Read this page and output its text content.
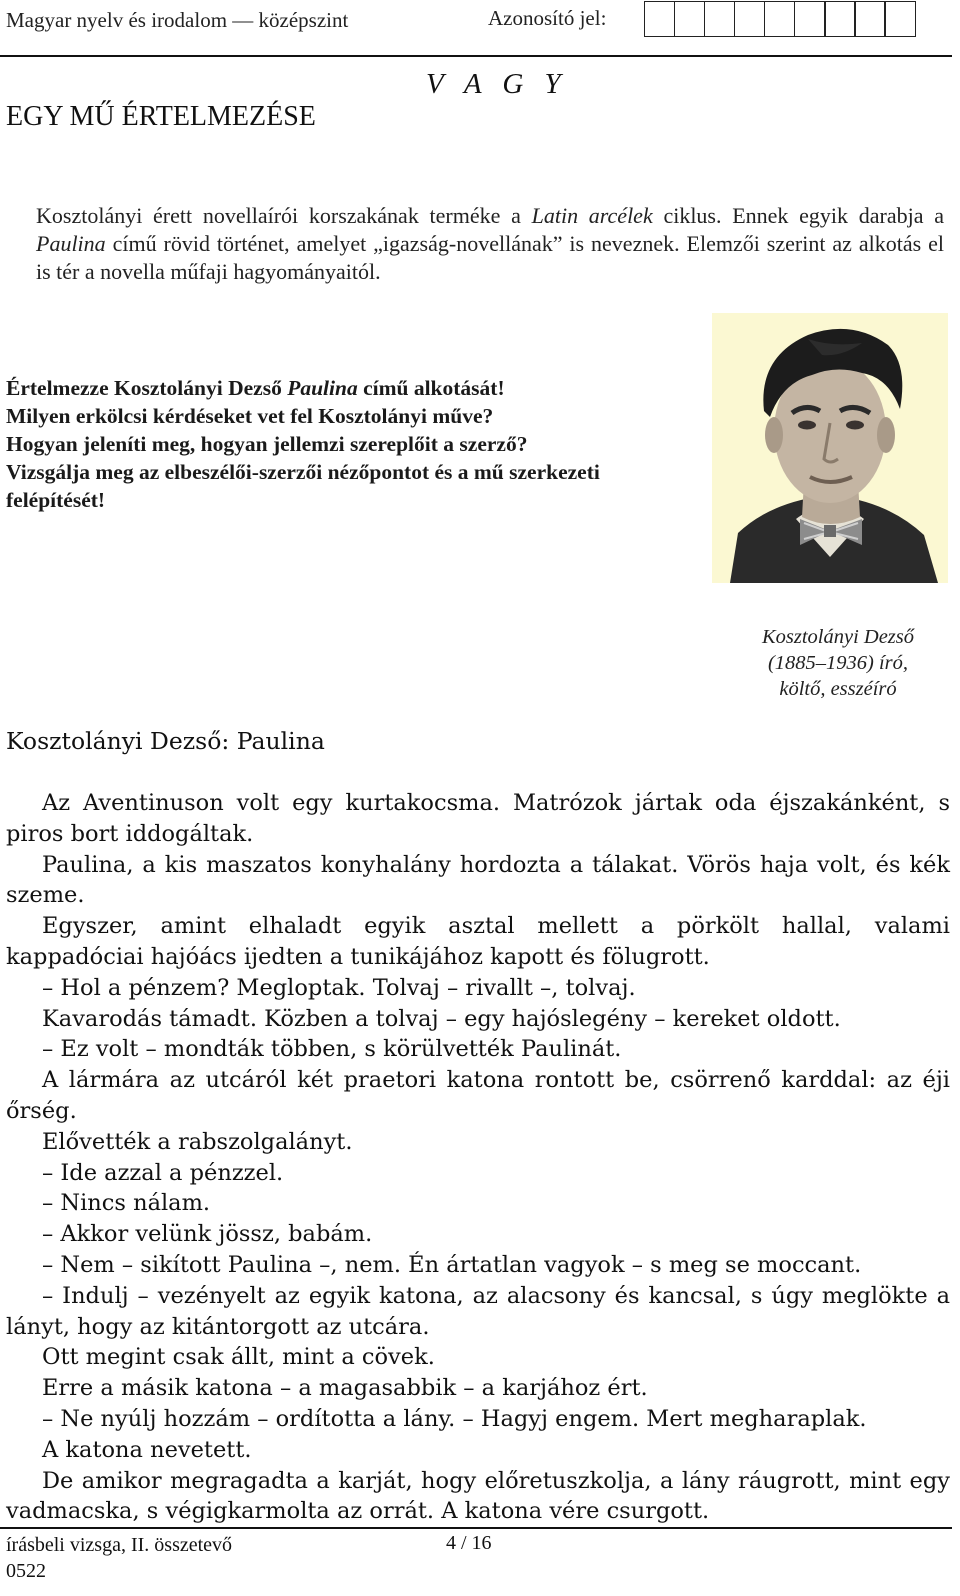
Magyar nyelv és irodalom — középszint	Azonosító jel:
V A G Y
EGY MŰ ÉRTELMEZÉSE
Kosztolányi érett novellaírói korszakának terméke a Latin arcélek ciklus. Ennek egyik darabja a Paulina című rövid történet, amelyet „igazság-novellának” is neveznek. Elemzői szerint az alkotás el is tér a novella műfaji hagyományaitól.
Értelmezze Kosztolányi Dezső Paulina című alkotását!
Milyen erkölcsi kérdéseket vet fel Kosztolányi műve?
Hogyan jeleníti meg, hogyan jellemzi szereplőit a szerző?
Vizsgálja meg az elbeszélői-szerzői nézőpontot és a mű szerkezeti felépítését!
Kosztolányi Dezső
(1885–1936) író,
költő, esszéíró
Kosztolányi Dezső: Paulina

Az Aventinuson volt egy kurtakocsma. Matrózok jártak oda éjszakánként, s piros bort iddogáltak.

Paulina, a kis maszatos konyhalány hordozta a tálakat. Vörös haja volt, és kék szeme.

Egyszer, amint elhaladt egyik asztal mellett a pörkölt hallal, valami kappadóciai hajóács ijedten a tunikájához kapott és fölugrott.

– Hol a pénzem? Megloptak. Tolvaj – rivallt –, tolvaj.

Kavarodás támadt. Közben a tolvaj – egy hajóslegény – kereket oldott.

– Ez volt – mondták többen, s körülvették Paulinát.

A lármára az utcáról két praetori katona rontott be, csörrenő karddal: az éji őrség.

Elővették a rabszolgalányt.

– Ide azzal a pénzzel.

– Nincs nálam.

– Akkor velünk jössz, babám.

– Nem – sikított Paulina –, nem. Én ártatlan vagyok – s meg se moccant.

– Indulj – vezényelt az egyik katona, az alacsony és kancsal, s úgy meglökte a lányt, hogy az kitántorgott az utcára.

Ott megint csak állt, mint a cövek.

Erre a másik katona – a magasabbik – a karjához ért.

– Ne nyúlj hozzám – ordította a lány. – Hagyj engem. Mert megharaplak.

A katona nevetett.

De amikor megragadta a karját, hogy előretuszkolja, a lány ráugrott, mint egy vadmacska, s végigkarmolta az orrát. A katona vére csurgott.

írásbeli vizsga, II. összetevő
0522
4 / 16
